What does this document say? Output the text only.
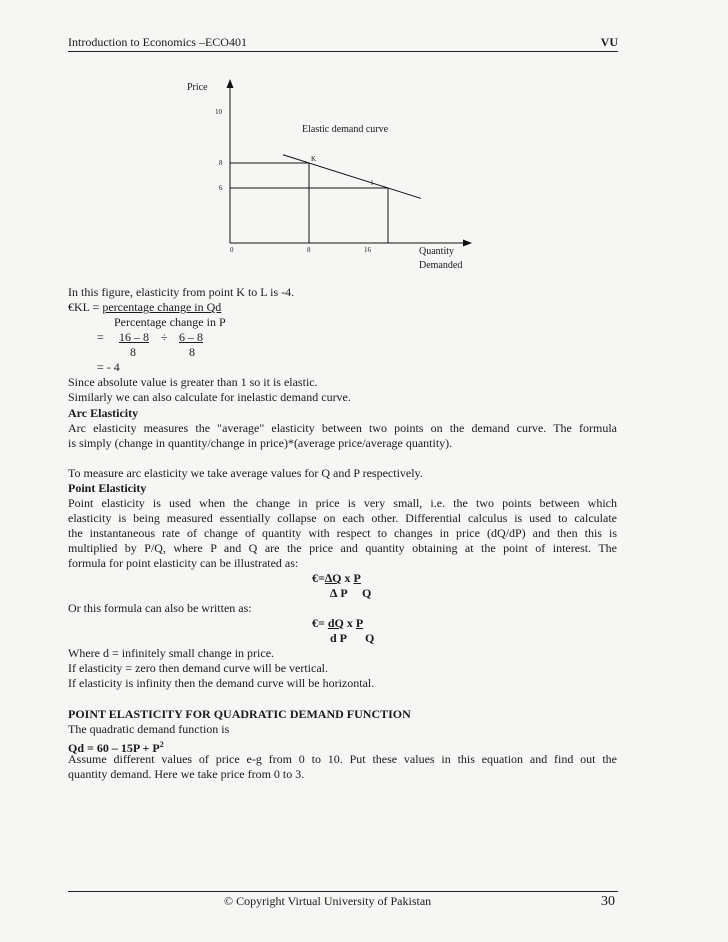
Introduction to Economics –ECO401	VU
Price
Elastic demand curve
K
l
10
8
6
0	8	16	Quantity
Demanded
In this figure, elasticity from point K to L is -4.
€KL = percentage change in Qd
Percentage change in P
= 16 – 8 ÷ 6 – 8
8	8
= - 4
Since absolute value is greater than 1 so it is elastic.
Similarly we can also calculate for inelastic demand curve.
Arc Elasticity
Arc elasticity measures the "average" elasticity between two points on the demand curve. The formula
is simply (change in quantity/change in price)*(average price/average quantity).
To measure arc elasticity we take average values for Q and P respectively.
Point Elasticity
Point elasticity is used when the change in price is very small, i.e. the two points between which
elasticity is being measured essentially collapse on each other. Differential calculus is used to calculate
the instantaneous rate of change of quantity with respect to changes in price (dQ/dP) and then this is
multiplied by P/Q, where P and Q are the price and quantity obtaining at the point of interest. The
formula for point elasticity can be illustrated as:
€=∆Q x P
∆ P Q
Or this formula can also be written as:
€= dQ x P
d P Q
Where d = infinitely small change in price.
If elasticity = zero then demand curve will be vertical.
If elasticity is infinity then the demand curve will be horizontal.
POINT ELASTICITY FOR QUADRATIC DEMAND FUNCTION
The quadratic demand function is
$Qd = 60 - 15P + P^2$
Assume different values of price e-g from 0 to 10. Put these values in this equation and find out the
quantity demand. Here we take price from 0 to 3.
© Copyright Virtual University of Pakistan	30
